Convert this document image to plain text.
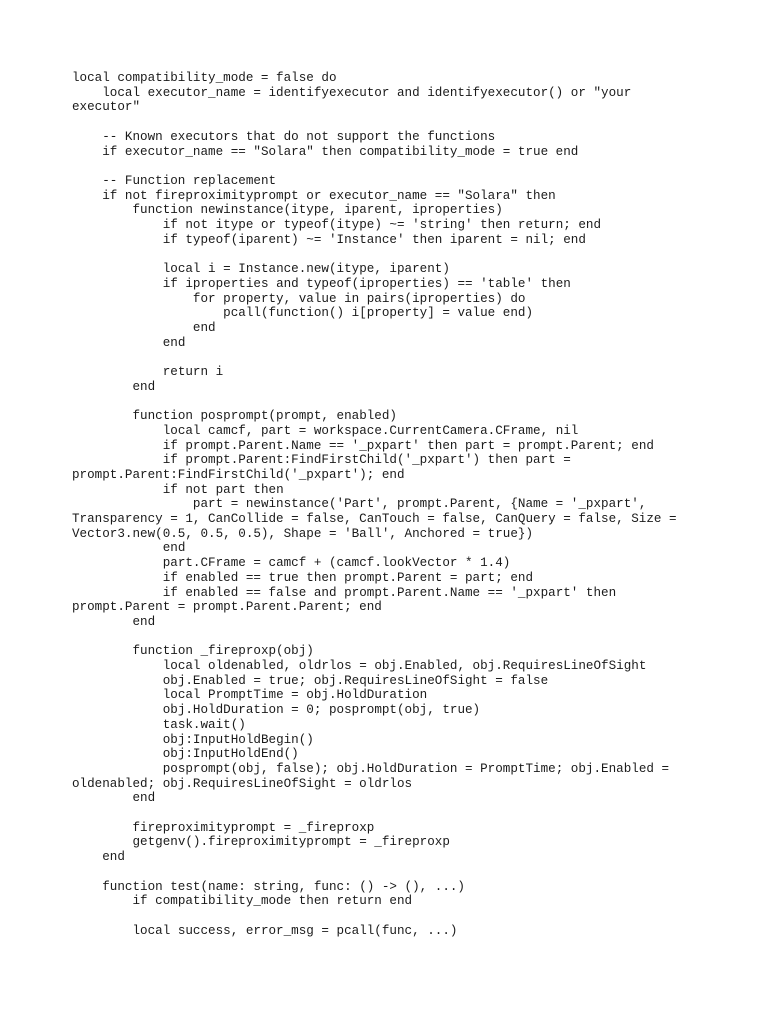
local compatibility_mode = false do
local executor_name = identifyexecutor and identifyexecutor() or "your executor"
-- Known executors that do not support the functions
if executor_name == "Solara" then compatibility_mode = true end
-- Function replacement
if not fireproximityprompt or executor_name == "Solara" then
function newinstance(itype, iparent, iproperties)
if not itype or typeof(itype) ~= 'string' then return; end
if typeof(iparent) ~= 'Instance' then iparent = nil; end
local i = Instance.new(itype, iparent)
if iproperties and typeof(iproperties) == 'table' then
for property, value in pairs(iproperties) do
pcall(function() i[property] = value end)
end
end
return i
end
function posprompt(prompt, enabled)
local camcf, part = workspace.CurrentCamera.CFrame, nil
if prompt.Parent.Name == '_pxpart' then part = prompt.Parent; end
if prompt.Parent:FindFirstChild('_pxpart') then part = prompt.Parent:FindFirstChild('_pxpart'); end
if not part then
part = newinstance('Part', prompt.Parent, {Name = '_pxpart', Transparency = 1, CanCollide = false, CanTouch = false, CanQuery = false, Size = Vector3.new(0.5, 0.5, 0.5), Shape = 'Ball', Anchored = true})
end
part.CFrame = camcf + (camcf.lookVector * 1.4)
if enabled == true then prompt.Parent = part; end
if enabled == false and prompt.Parent.Name == '_pxpart' then prompt.Parent = prompt.Parent.Parent; end
end
function _fireproxp(obj)
local oldenabled, oldrlos = obj.Enabled, obj.RequiresLineOfSight
obj.Enabled = true; obj.RequiresLineOfSight = false
local PromptTime = obj.HoldDuration
obj.HoldDuration = 0; posprompt(obj, true)
task.wait()
obj:InputHoldBegin()
obj:InputHoldEnd()
posprompt(obj, false); obj.HoldDuration = PromptTime; obj.Enabled = oldenabled; obj.RequiresLineOfSight = oldrlos
end
fireproximityprompt = _fireproxp
getgenv().fireproximityprompt = _fireproxp
end
function test(name: string, func: () -> (), ...)
if compatibility_mode then return end
local success, error_msg = pcall(func, ...)
